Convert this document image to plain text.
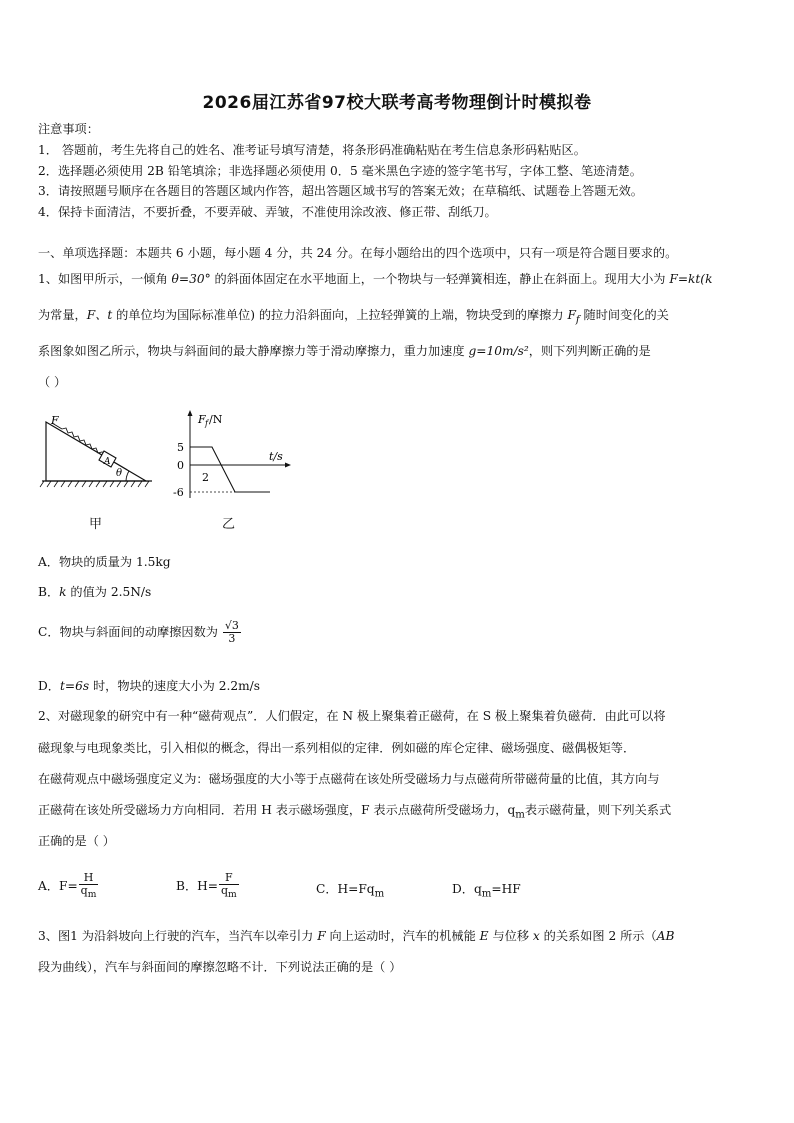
2026届江苏省97校大联考高考物理倒计时模拟卷
注意事项：
1． 答题前，考生先将自己的姓名、准考证号填写清楚，将条形码准确粘贴在考生信息条形码粘贴区。
2．选择题必须使用 2B 铅笔填涂；非选择题必须使用 0．5 毫米黑色字迹的签字笔书写，字体工整、笔迹清楚。
3．请按照题号顺序在各题目的答题区域内作答，超出答题区域书写的答案无效；在草稿纸、试题卷上答题无效。
4．保持卡面清洁，不要折叠，不要弄破、弄皱，不准使用涂改液、修正带、刮纸刀。
一、单项选择题：本题共 6 小题，每小题 4 分，共 24 分。在每小题给出的四个选项中，只有一项是符合题目要求的。
1、如图甲所示，一倾角 θ=30° 的斜面体固定在水平地面上，一个物块与一轻弹簧相连，静止在斜面上。现用大小为 F=kt(k
为常量，F、t 的单位均为国际标准单位) 的拉力沿斜面向，上拉轻弹簧的上端，物块受到的摩擦力 $F_f$ 随时间变化的关
系图象如图乙所示，物块与斜面间的最大静摩擦力等于滑动摩擦力，重力加速度 g=10m/s²，则下列判断正确的是
（ ）
F
A
θ
F f /N
t/s
5
0
-6
2
甲	乙
A．物块的质量为 1.5kg
B．k 的值为 2.5N/s
C．物块与斜面间的动摩擦因数为 $\frac{√3}{3}$
D．t=6s 时，物块的速度大小为 2.2m/s
2、对磁现象的研究中有一种“磁荷观点”．人们假定，在 N 极上聚集着正磁荷，在 S 极上聚集着负磁荷．由此可以将
磁现象与电现象类比，引入相似的概念，得出一系列相似的定律．例如磁的库仑定律、磁场强度、磁偶极矩等．
在磁荷观点中磁场强度定义为：磁场强度的大小等于点磁荷在该处所受磁场力与点磁荷所带磁荷量的比值，其方向与
正磁荷在该处所受磁场力方向相同．若用 H 表示磁场强度，F 表示点磁荷所受磁场力，$q_m$表示磁荷量，则下列关系式
正确的是（ ）
A．$F= \frac{H}{q_m}$	B．$H= \frac{F}{q_m}$	C．$H=Fq_m$	D．$q_m=HF$
3、图1 为沿斜坡向上行驶的汽车，当汽车以牵引力 F 向上运动时，汽车的机械能 E 与位移 x 的关系如图 2 所示（AB
段为曲线），汽车与斜面间的摩擦忽略不计．下列说法正确的是（ ）
